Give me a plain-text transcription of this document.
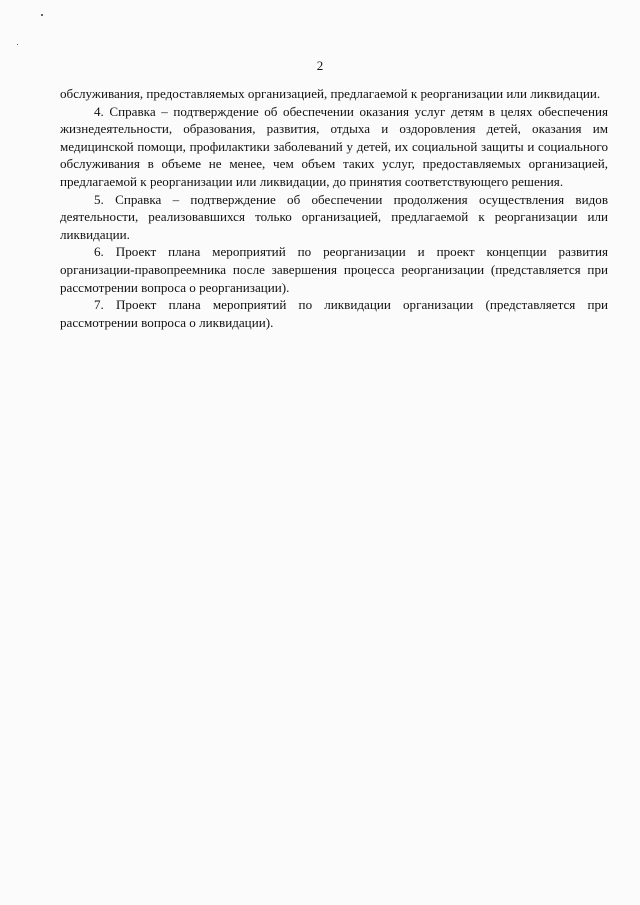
2

обслуживания, предоставляемых организацией, предлагаемой к реорганизации или ликвидации.

4. Справка – подтверждение об обеспечении оказания услуг детям в целях обеспечения жизнедеятельности, образования, развития, отдыха и оздоровления детей, оказания им медицинской помощи, профилактики заболеваний у детей, их социальной защиты и социального обслуживания в объеме не менее, чем объем таких услуг, предоставляемых организацией, предлагаемой к реорганизации или ликвидации, до принятия соответствующего решения.

5. Справка – подтверждение об обеспечении продолжения осуществления видов деятельности, реализовавшихся только организацией, предлагаемой к реорганизации или ликвидации.

6. Проект плана мероприятий по реорганизации и проект концепции развития организации-правопреемника после завершения процесса реорганизации (представляется при рассмотрении вопроса о реорганизации).

7. Проект плана мероприятий по ликвидации организации (представляется при рассмотрении вопроса о ликвидации).
